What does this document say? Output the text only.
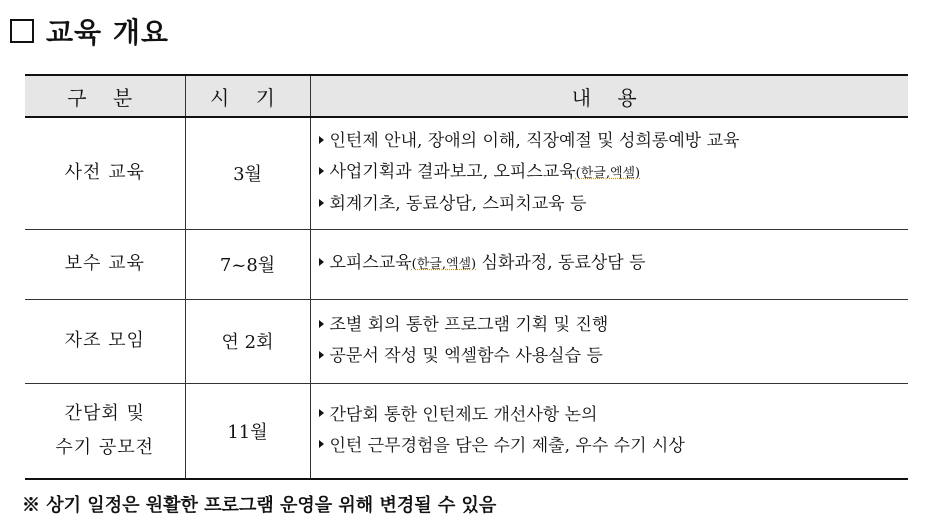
교육 개요
구 분	시 기	내 용
사전 교육	3월	인턴제 안내, 장애의 이해, 직장예절 및 성희롱예방 교육
사업기획과 결과보고, 오피스교육(한글,엑셀)
회계기초, 동료상담, 스피치교육 등

보수 교육	7~8월	오피스교육(한글,엑셀) 심화과정, 동료상담 등

자조 모임	연 2회	조별 회의 통한 프로그램 기획 및 진행
공문서 작성 및 엑셀함수 사용실습 등

간담회 및
수기 공모전	11월	간담회 통한 인턴제도 개선사항 논의
인턴 근무경험을 담은 수기 제출, 우수 수기 시상
※ 상기 일정은 원활한 프로그램 운영을 위해 변경될 수 있음
